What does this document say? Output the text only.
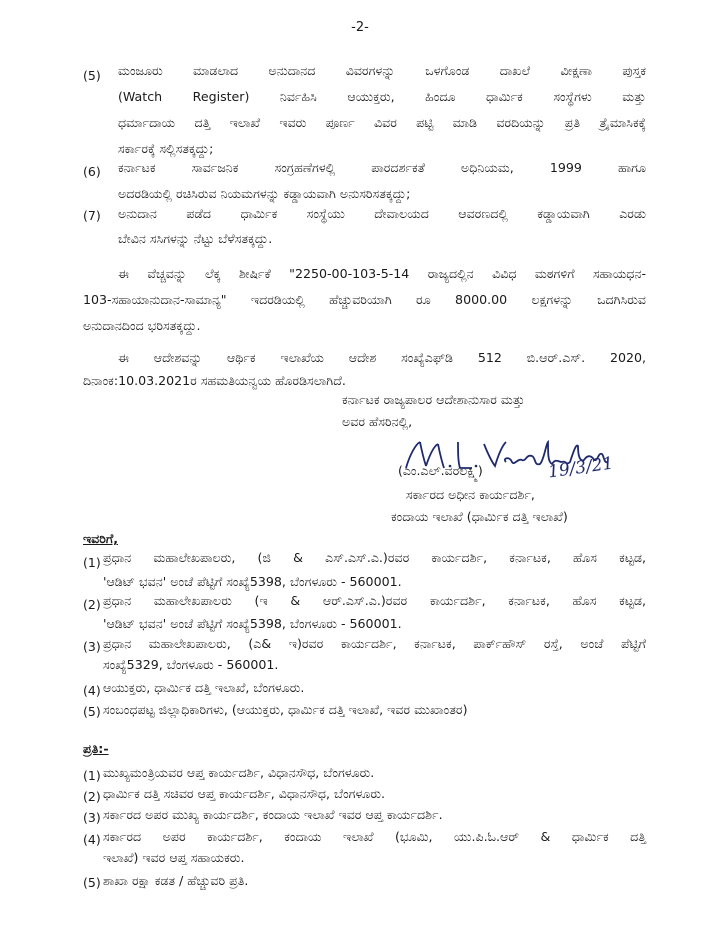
-2-
(5)	ಮಂಜೂರು ಮಾಡಲಾದ ಅನುದಾನದ ವಿವರಗಳನ್ನು ಒಳಗೊಂಡ ದಾಖಲೆ ವೀಕ್ಷಣಾ ಪುಸ್ತಕ
(Watch Register) ನಿರ್ವಹಿಸಿ ಆಯುಕ್ತರು, ಹಿಂದೂ ಧಾರ್ಮಿಕ ಸಂಸ್ಥೆಗಳು ಮತ್ತು
ಧರ್ಮಾದಾಯ ದತ್ತಿ ಇಲಾಖೆ ಇವರು ಪೂರ್ಣ ವಿವರ ಪಟ್ಟಿ ಮಾಡಿ ವರದಿಯನ್ನು ಪ್ರತಿ ತ್ರೈಮಾಸಿಕಕ್ಕೆ
ಸರ್ಕಾರಕ್ಕೆ ಸಲ್ಲಿಸತಕ್ಕದ್ದು;
(6)	ಕರ್ನಾಟಕ ಸಾರ್ವಜನಿಕ ಸಂಗ್ರಹಣೆಗಳಲ್ಲಿ ಪಾರದರ್ಶಕತೆ ಅಧಿನಿಯಮ, 1999 ಹಾಗೂ
ಅದರಡಿಯಲ್ಲಿ ರಚಿಸಿರುವ ನಿಯಮಗಳನ್ನು ಕಡ್ಡಾಯವಾಗಿ ಅನುಸರಿಸತಕ್ಕದ್ದು;
(7)	ಅನುದಾನ ಪಡೆದ ಧಾರ್ಮಿಕ ಸಂಸ್ಥೆಯು ದೇವಾಲಯದ ಆವರಣದಲ್ಲಿ ಕಡ್ಡಾಯವಾಗಿ ಎರಡು
ಬೇವಿನ ಸಸಿಗಳನ್ನು ನೆಟ್ಟು ಬೆಳೆಸತಕ್ಕದ್ದು.
ಈ ವೆಚ್ಚವನ್ನು ಲೆಕ್ಕ ಶೀರ್ಷಿಕೆ "2250-00-103-5-14 ರಾಜ್ಯದಲ್ಲಿನ ವಿವಿಧ ಮಠಗಳಿಗೆ ಸಹಾಯಧನ-
103-ಸಹಾಯಾನುದಾನ-ಸಾಮಾನ್ಯ" ಇದರಡಿಯಲ್ಲಿ ಹೆಚ್ಚುವರಿಯಾಗಿ ರೂ 8000.00 ಲಕ್ಷಗಳನ್ನು ಒದಗಿಸಿರುವ
ಅನುದಾನದಿಂದ ಭರಿಸತಕ್ಕದ್ದು.
ಈ ಆದೇಶವನ್ನು ಆರ್ಥಿಕ ಇಲಾಖೆಯ ಆದೇಶ ಸಂಖ್ಯೆಎಫ್‌ಡಿ 512 ಬಿ.ಆರ್.ಎಸ್. 2020,
ದಿನಾಂಕ:10.03.2021ರ ಸಹಮತಿಯನ್ವಯ ಹೊರಡಿಸಲಾಗಿದೆ.
ಕರ್ನಾಟಕ ರಾಜ್ಯಪಾಲರ ಆದೇಶಾನುಸಾರ ಮತ್ತು
ಅವರ ಹೆಸರಿನಲ್ಲಿ,
(ಎಂ.ಎಲ್.ವರಲಕ್ಷ್ಮಿ)	19/3/21
ಸರ್ಕಾರದ ಅಧೀನ ಕಾರ್ಯದರ್ಶಿ,
ಕಂದಾಯ ಇಲಾಖೆ (ಧಾರ್ಮಿಕ ದತ್ತಿ ಇಲಾಖೆ)
ಇವರಿಗೆ,
(1) ಪ್ರಧಾನ ಮಹಾಲೇಖಪಾಲರು, (ಜಿ & ಎಸ್.ಎಸ್.ಎ.)ರವರ ಕಾರ್ಯದರ್ಶಿ, ಕರ್ನಾಟಕ, ಹೊಸ ಕಟ್ಟಡ,
'ಆಡಿಟ್ ಭವನ' ಅಂಚೆ ಪೆಟ್ಟಿಗೆ ಸಂಖ್ಯೆ5398, ಬೆಂಗಳೂರು - 560001.
(2) ಪ್ರಧಾನ ಮಹಾಲೇಖಪಾಲರು (ಇ & ಆರ್.ಎಸ್.ಎ.)ರವರ ಕಾರ್ಯದರ್ಶಿ, ಕರ್ನಾಟಕ, ಹೊಸ ಕಟ್ಟಡ,
'ಆಡಿಟ್ ಭವನ' ಅಂಚೆ ಪೆಟ್ಟಿಗೆ ಸಂಖ್ಯೆ5398, ಬೆಂಗಳೂರು - 560001.
(3) ಪ್ರಧಾನ ಮಹಾಲೇಖಪಾಲರು, (ಎ& ಇ)ರವರ ಕಾರ್ಯದರ್ಶಿ, ಕರ್ನಾಟಕ, ಪಾರ್ಕ್‌ಹೌಸ್ ರಸ್ತೆ, ಅಂಚೆ ಪೆಟ್ಟಿಗೆ
ಸಂಖ್ಯೆ5329, ಬೆಂಗಳೂರು - 560001.
(4) ಆಯುಕ್ತರು, ಧಾರ್ಮಿಕ ದತ್ತಿ ಇಲಾಖೆ, ಬೆಂಗಳೂರು.
(5) ಸಂಬಂಧಪಟ್ಟ ಜಿಲ್ಲಾಧಿಕಾರಿಗಳು, (ಆಯುಕ್ತರು, ಧಾರ್ಮಿಕ ದತ್ತಿ ಇಲಾಖೆ, ಇವರ ಮುಖಾಂತರ)
ಪ್ರತಿ:-
(1) ಮುಖ್ಯಮಂತ್ರಿಯವರ ಆಪ್ತ ಕಾರ್ಯದರ್ಶಿ, ವಿಧಾನಸೌಧ, ಬೆಂಗಳೂರು.
(2) ಧಾರ್ಮಿಕ ದತ್ತಿ ಸಚಿವರ ಆಪ್ತ ಕಾರ್ಯದರ್ಶಿ, ವಿಧಾನಸೌಧ, ಬೆಂಗಳೂರು.
(3) ಸರ್ಕಾರದ ಅಪರ ಮುಖ್ಯ ಕಾರ್ಯದರ್ಶಿ, ಕಂದಾಯ ಇಲಾಖೆ ಇವರ ಆಪ್ತ ಕಾರ್ಯದರ್ಶಿ.
(4) ಸರ್ಕಾರದ ಅಪರ ಕಾರ್ಯದರ್ಶಿ, ಕಂದಾಯ ಇಲಾಖೆ (ಭೂಮಿ, ಯು.ಪಿ.ಓ.ಆರ್ & ಧಾರ್ಮಿಕ ದತ್ತಿ
ಇಲಾಖೆ) ಇವರ ಆಪ್ತ ಸಹಾಯಕರು.
(5) ಶಾಖಾ ರಕ್ಷಾ ಕಡತ / ಹೆಚ್ಚುವರಿ ಪ್ರತಿ.
